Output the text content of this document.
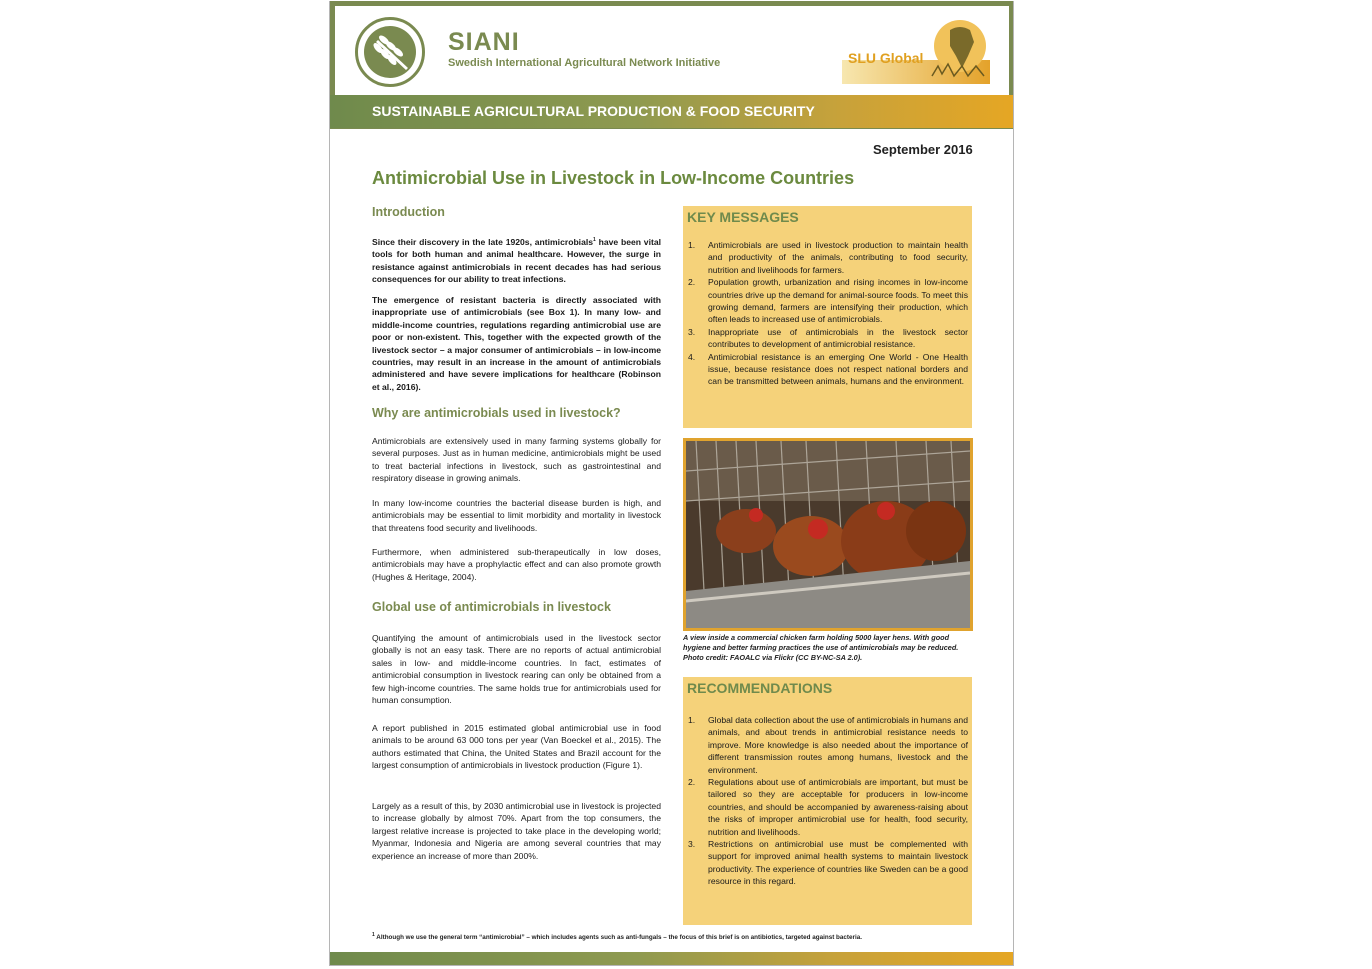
SIANI
Swedish International Agricultural Network Initiative	SLU Global
SUSTAINABLE AGRICULTURAL PRODUCTION & FOOD SECURITY
September 2016
Antimicrobial Use in Livestock in Low-Income Countries
Introduction

Since their discovery in the late 1920s, antimicrobials$^1$ have been vital tools for both human and animal healthcare. However, the surge in resistance against antimicrobials in recent decades has had serious consequences for our ability to treat infections.

The emergence of resistant bacteria is directly associated with inappropriate use of antimicrobials (see Box 1). In many low- and middle-income countries, regulations regarding antimicrobial use are poor or non-existent. This, together with the expected growth of the livestock sector – a major consumer of antimicrobials – in low-income countries, may result in an increase in the amount of antimicrobials administered and have severe implications for healthcare (Robinson et al., 2016).

Why are antimicrobials used in livestock?

Antimicrobials are extensively used in many farming systems globally for several purposes. Just as in human medicine, antimicrobials might be used to treat bacterial infections in livestock, such as gastrointestinal and respiratory disease in growing animals.

In many low-income countries the bacterial disease burden is high, and antimicrobials may be essential to limit morbidity and mortality in livestock that threatens food security and livelihoods.

Furthermore, when administered sub-therapeutically in low doses, antimicrobials may have a prophylactic effect and can also promote growth (Hughes & Heritage, 2004).

Global use of antimicrobials in livestock

Quantifying the amount of antimicrobials used in the livestock sector globally is not an easy task. There are no reports of actual antimicrobial sales in low- and middle-income countries. In fact, estimates of antimicrobial consumption in livestock rearing can only be obtained from a few high-income countries. The same holds true for antimicrobials used for human consumption.

A report published in 2015 estimated global antimicrobial use in food animals to be around 63 000 tons per year (Van Boeckel et al., 2015). The authors estimated that China, the United States and Brazil account for the largest consumption of antimicrobials in livestock production (Figure 1).

Largely as a result of this, by 2030 antimicrobial use in livestock is projected to increase globally by almost 70%. Apart from the top consumers, the largest relative increase is projected to take place in the developing world; Myanmar, Indonesia and Nigeria are among several countries that may experience an increase of more than 200%.

KEY MESSAGES
1. Antimicrobials are used in livestock production to maintain health and productivity of the animals, contributing to food security, nutrition and livelihoods for farmers.
2. Population growth, urbanization and rising incomes in low-income countries drive up the demand for animal-source foods. To meet this growing demand, farmers are intensifying their production, which often leads to increased use of antimicrobials.
3. Inappropriate use of antimicrobials in the livestock sector contributes to development of antimicrobial resistance.
4. Antimicrobial resistance is an emerging One World - One Health issue, because resistance does not respect national borders and can be transmitted between animals, humans and the environment.
A view inside a commercial chicken farm holding 5000 layer hens. With good hygiene and better farming practices the use of antimicrobials may be reduced. Photo credit: FAOALC via Flickr (CC BY-NC-SA 2.0).
RECOMMENDATIONS
1. Global data collection about the use of antimicrobials in humans and animals, and about trends in antimicrobial resistance needs to improve. More knowledge is also needed about the importance of different transmission routes among humans, livestock and the environment.
2. Regulations about use of antimicrobials are important, but must be tailored so they are acceptable for producers in low-income countries, and should be accompanied by awareness-raising about the risks of improper antimicrobial use for health, food security, nutrition and livelihoods.
3. Restrictions on antimicrobial use must be complemented with support for improved animal health systems to maintain livestock productivity. The experience of countries like Sweden can be a good resource in this regard.
$^1$ Although we use the general term “antimicrobial” – which includes agents such as anti-fungals – the focus of this brief is on antibiotics, targeted against bacteria.
